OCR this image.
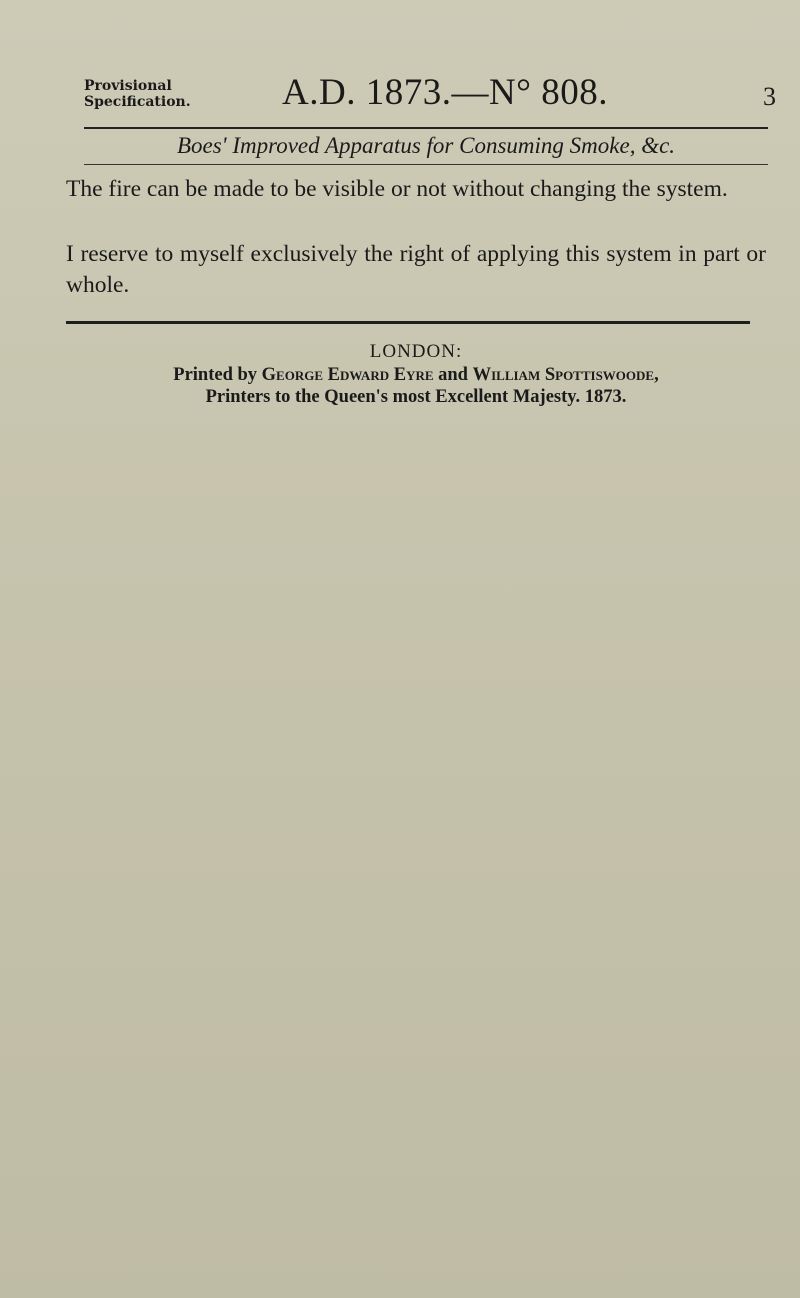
Provisional
Specification. A.D. 1873.—N° 808.	3
Boes' Improved Apparatus for Consuming Smoke, &c.
The fire can be made to be visible or not without changing the system.
I reserve to myself exclusively the right of applying this system in part or whole.
LONDON:
Printed by George Edward Eyre and William Spottiswoode,
Printers to the Queen's most Excellent Majesty. 1873.
